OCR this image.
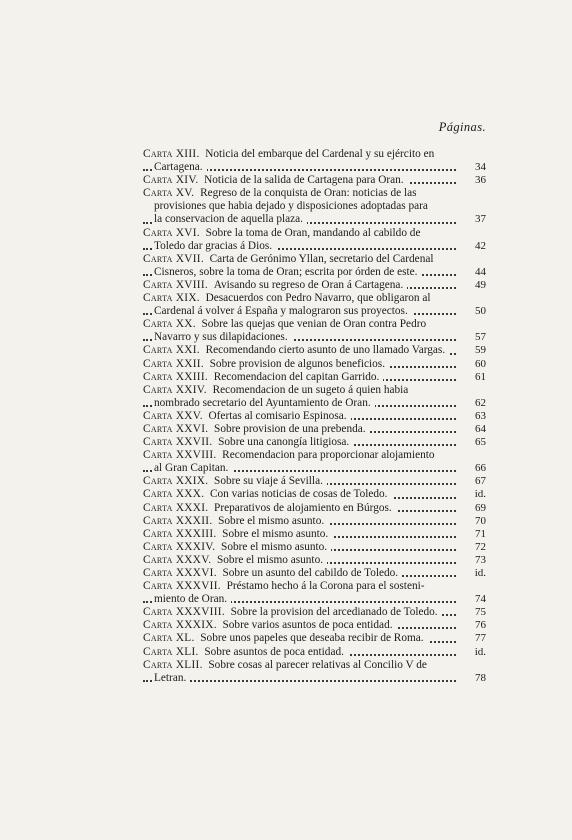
Páginas.
Carta XIII.  Noticia del embarque del Cardenal y su ejército en
Cartagena.	34
Carta XIV.  Noticia de la salida de Cartagena para Oran.	36
Carta XV.  Regreso de la conquista de Oran: noticias de las
provisiones que habia dejado y disposiciones adoptadas para
la conservacion de aquella plaza.	37
Carta XVI.  Sobre la toma de Oran, mandando al cabildo de
Toledo dar gracias á Dios.	42
Carta XVII.  Carta de Gerónimo Yllan, secretario del Cardenal
Cisneros, sobre la toma de Oran; escrita por órden de este.	44
Carta XVIII.  Avisando su regreso de Oran á Cartagena.	49
Carta XIX.  Desacuerdos con Pedro Navarro, que obligaron al
Cardenal á volver á España y malograron sus proyectos.	50
Carta XX.  Sobre las quejas que venian de Oran contra Pedro
Navarro y sus dilapidaciones.	57
Carta XXI.  Recomendando cierto asunto de uno llamado Vargas.	59
Carta XXII.  Sobre provision de algunos beneficios.	60
Carta XXIII.  Recomendacion del capitan Garrido.	61
Carta XXIV.  Recomendacion de un sugeto á quien habia
nombrado secretario del Ayuntamiento de Oran.	62
Carta XXV.  Ofertas al comisario Espinosa.	63
Carta XXVI.  Sobre provision de una prebenda.	64
Carta XXVII.  Sobre una canongía litigiosa.	65
Carta XXVIII.  Recomendacion para proporcionar alojamiento
al Gran Capitan.	66
Carta XXIX.  Sobre su viaje á Sevilla.	67
Carta XXX.  Con varias noticias de cosas de Toledo.	id.
Carta XXXI.  Preparativos de alojamiento en Búrgos.	69
Carta XXXII.  Sobre el mismo asunto.	70
Carta XXXIII.  Sobre el mismo asunto.	71
Carta XXXIV.  Sobre el mismo asunto.	72
Carta XXXV.  Sobre el mismo asunto.	73
Carta XXXVI.  Sobre un asunto del cabildo de Toledo.	id.
Carta XXXVII.  Préstamo hecho á la Corona para el sosteni-
miento de Oran.	74
Carta XXXVIII.  Sobre la provision del arcedianado de Toledo.	75
Carta XXXIX.  Sobre varios asuntos de poca entidad.	76
Carta XL.  Sobre unos papeles que deseaba recibir de Roma.	77
Carta XLI.  Sobre asuntos de poca entidad.	id.
Carta XLII.  Sobre cosas al parecer relativas al Concilio V de
Letran.	78
